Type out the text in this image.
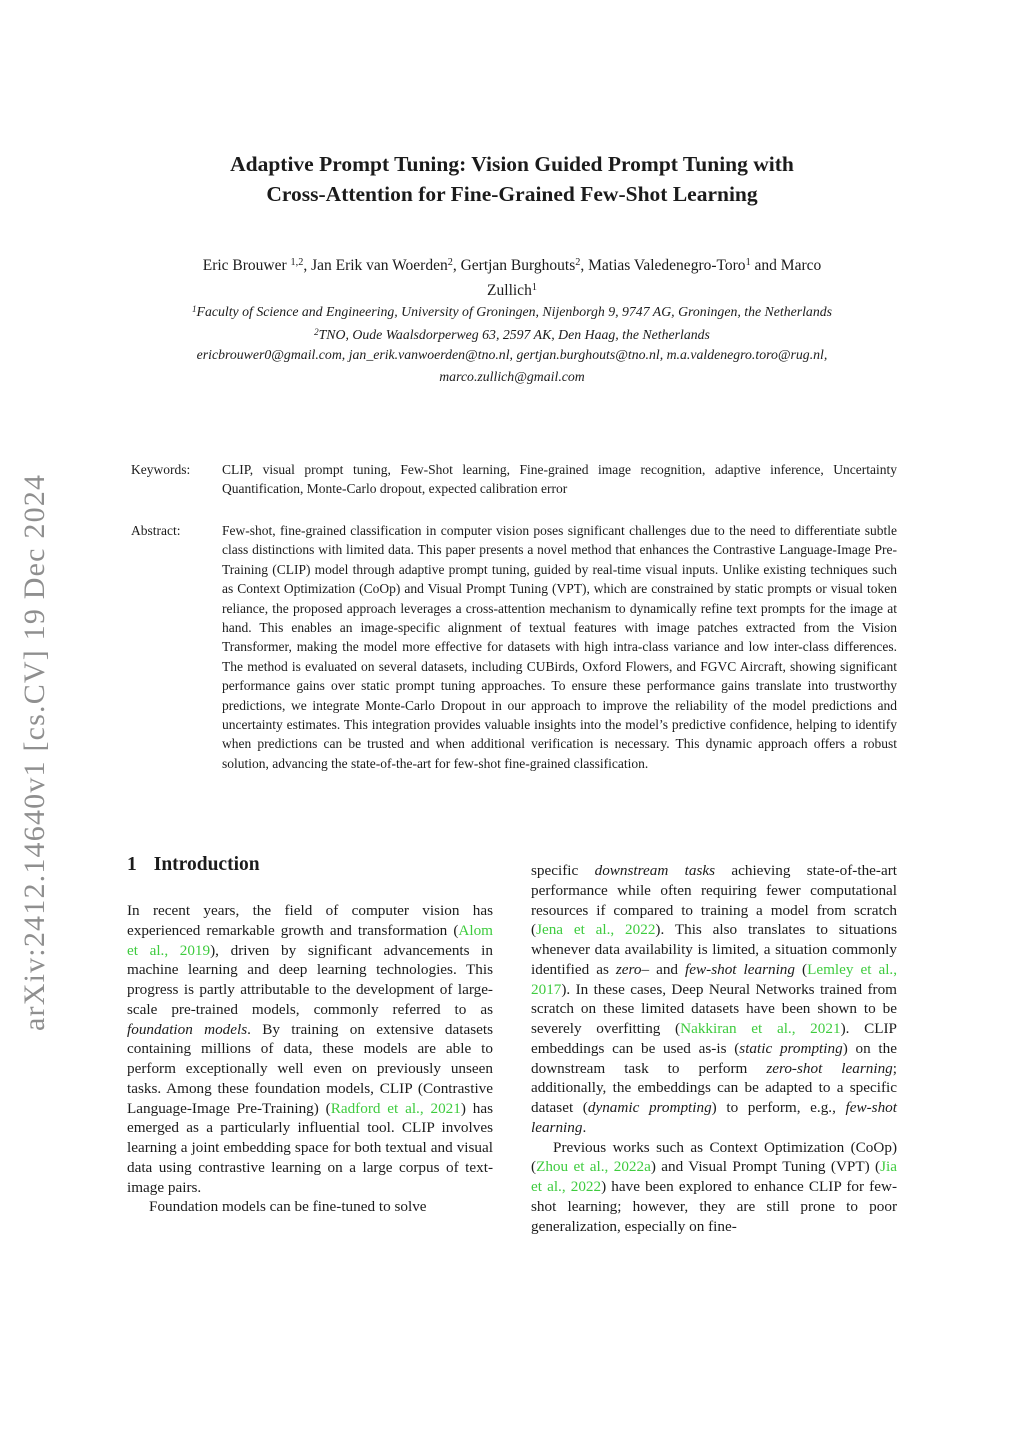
arXiv:2412.14640v1 [cs.CV] 19 Dec 2024
Adaptive Prompt Tuning: Vision Guided Prompt Tuning with
Cross-Attention for Fine-Grained Few-Shot Learning
Eric Brouwer $^{1,2}$, Jan Erik van Woerden$^2$, Gertjan Burghouts$^2$, Matias Valedenegro-Toro$^1$ and Marco
Zullich$^1$
$^1$Faculty of Science and Engineering, University of Groningen, Nijenborgh 9, 9747 AG, Groningen, the Netherlands
$^2$TNO, Oude Waalsdorperweg 63, 2597 AK, Den Haag, the Netherlands
ericbrouwer0@gmail.com, jan_erik.vanwoerden@tno.nl, gertjan.burghouts@tno.nl, m.a.valdenegro.toro@rug.nl,
marco.zullich@gmail.com
Keywords:	CLIP, visual prompt tuning, Few-Shot learning, Fine-grained image recognition, adaptive inference, Uncertainty Quantification, Monte-Carlo dropout, expected calibration error
Abstract:	Few-shot, fine-grained classification in computer vision poses significant challenges due to the need to differentiate subtle class distinctions with limited data. This paper presents a novel method that enhances the Contrastive Language-Image Pre-Training (CLIP) model through adaptive prompt tuning, guided by real-time visual inputs. Unlike existing techniques such as Context Optimization (CoOp) and Visual Prompt Tuning (VPT), which are constrained by static prompts or visual token reliance, the proposed approach leverages a cross-attention mechanism to dynamically refine text prompts for the image at hand. This enables an image-specific alignment of textual features with image patches extracted from the Vision Transformer, making the model more effective for datasets with high intra-class variance and low inter-class differences. The method is evaluated on several datasets, including CUBirds, Oxford Flowers, and FGVC Aircraft, showing significant performance gains over static prompt tuning approaches. To ensure these performance gains translate into trustworthy predictions, we integrate Monte-Carlo Dropout in our approach to improve the reliability of the model predictions and uncertainty estimates. This integration provides valuable insights into the model’s predictive confidence, helping to identify when predictions can be trusted and when additional verification is necessary. This dynamic approach offers a robust solution, advancing the state-of-the-art for few-shot fine-grained classification.
1 Introduction

In recent years, the field of computer vision has experienced remarkable growth and transformation (Alom et al., 2019), driven by significant advancements in machine learning and deep learning technologies. This progress is partly attributable to the development of large-scale pre-trained models, commonly referred to as foundation models. By training on extensive datasets containing millions of data, these models are able to perform exceptionally well even on previously unseen tasks. Among these foundation models, CLIP (Contrastive Language-Image Pre-Training) (Radford et al., 2021) has emerged as a particularly influential tool. CLIP involves learning a joint embedding space for both textual and visual data using contrastive learning on a large corpus of text-image pairs.

Foundation models can be fine-tuned to solve

specific downstream tasks achieving state-of-the-art performance while often requiring fewer computational resources if compared to training a model from scratch (Jena et al., 2022). This also translates to situations whenever data availability is limited, a situation commonly identified as zero– and few-shot learning (Lemley et al., 2017). In these cases, Deep Neural Networks trained from scratch on these limited datasets have been shown to be severely overfitting (Nakkiran et al., 2021). CLIP embeddings can be used as-is (static prompting) on the downstream task to perform zero-shot learning; additionally, the embeddings can be adapted to a specific dataset (dynamic prompting) to perform, e.g., few-shot learning.

Previous works such as Context Optimization (CoOp) (Zhou et al., 2022a) and Visual Prompt Tuning (VPT) (Jia et al., 2022) have been explored to enhance CLIP for few-shot learning; however, they are still prone to poor generalization, especially on fine-
